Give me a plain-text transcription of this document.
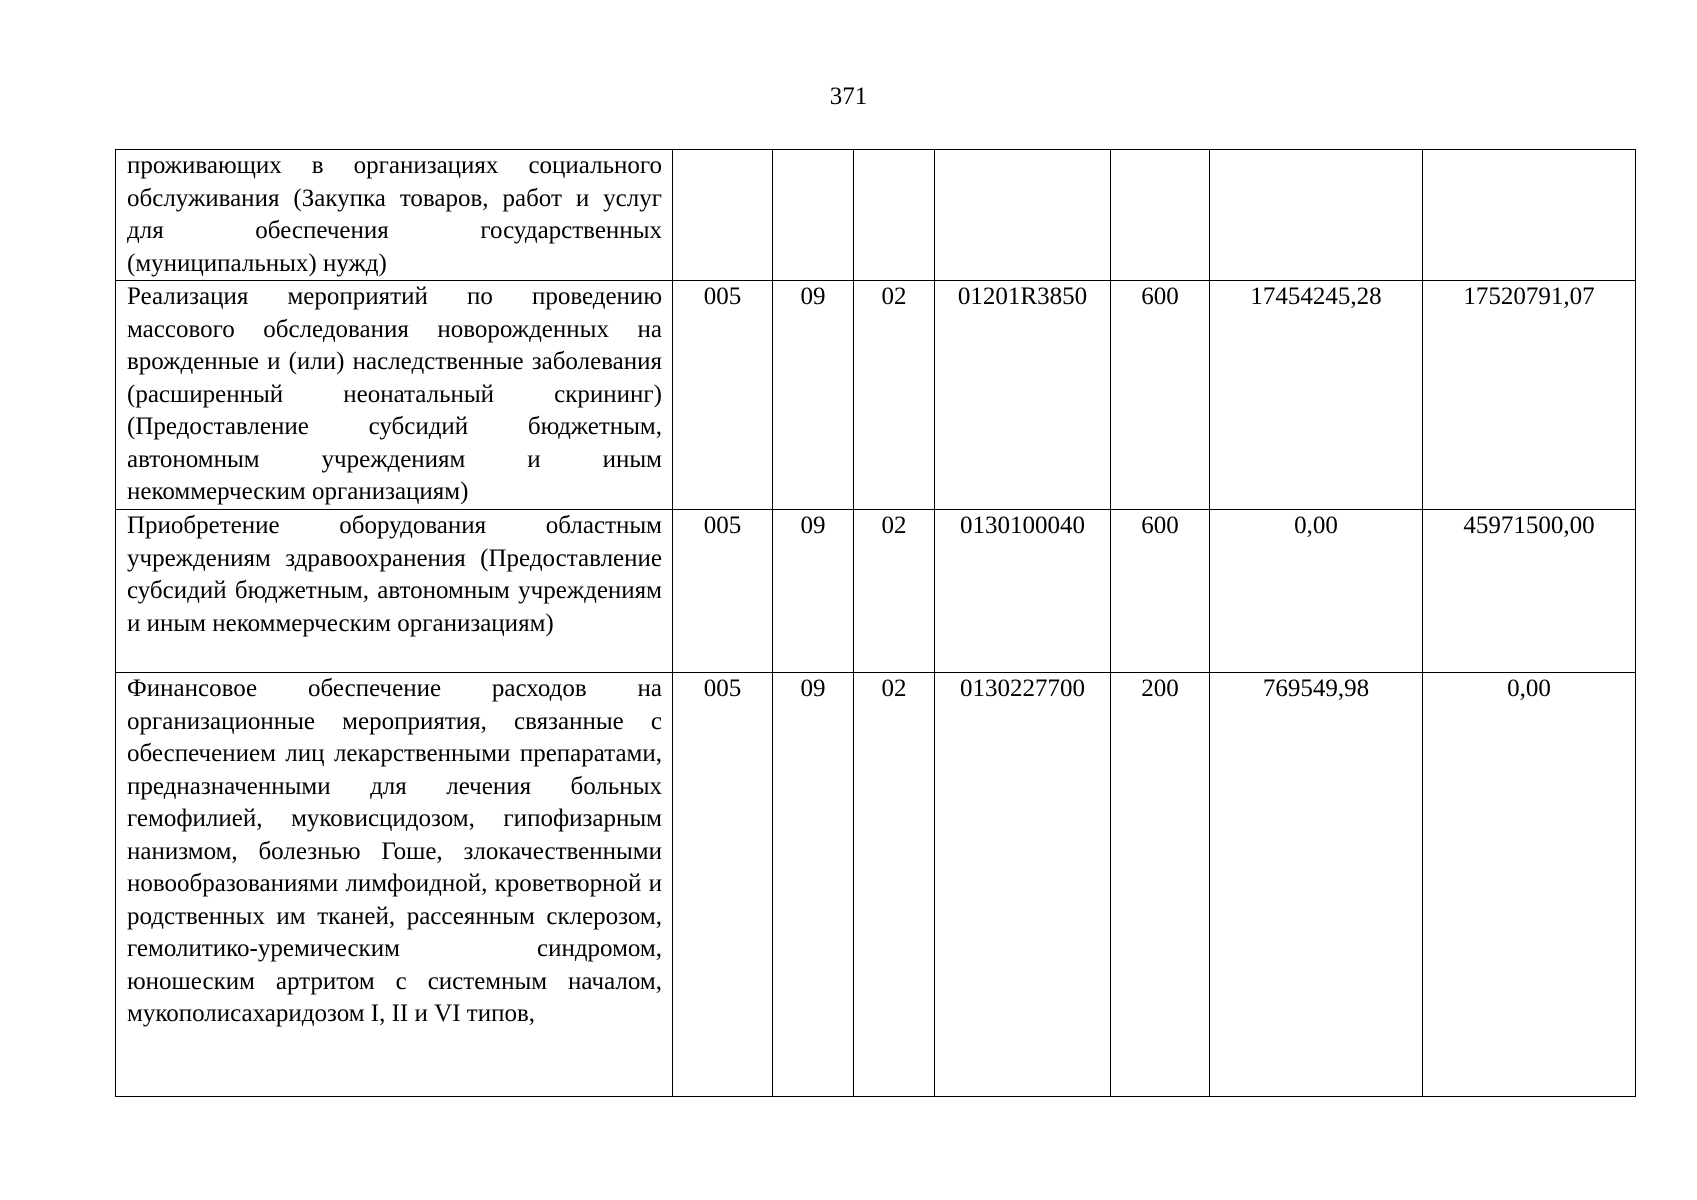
371
проживающих в организациях социального обслуживания (Закупка товаров, работ и услуг для обеспечения государственных (муниципальных) нужд)							
Реализация мероприятий по проведению массового обследования новорожденных на врожденные и (или) наследственные заболевания (расширенный неонатальный скрининг) (Предоставление субсидий бюджетным, автономным учреждениям и иным некоммерческим организациям)	005	09	02	01201R3850	600	17454245,28	17520791,07
Приобретение оборудования областным учреждениям здравоохранения (Предоставление субсидий бюджетным, автономным учреждениям и иным некоммерческим организациям)	005	09	02	0130100040	600	0,00	45971500,00
Финансовое обеспечение расходов на организационные мероприятия, связанные с обеспечением лиц лекарственными препаратами, предназначенными для лечения больных гемофилией, муковисцидозом, гипофизарным нанизмом, болезнью Гоше, злокачественными новообразованиями лимфоидной, кроветворной и родственных им тканей, рассеянным склерозом, гемолитико-уремическим синдромом, юношеским артритом с системным началом, мукополисахаридозом I, II и VI типов,	005	09	02	0130227700	200	769549,98	0,00
